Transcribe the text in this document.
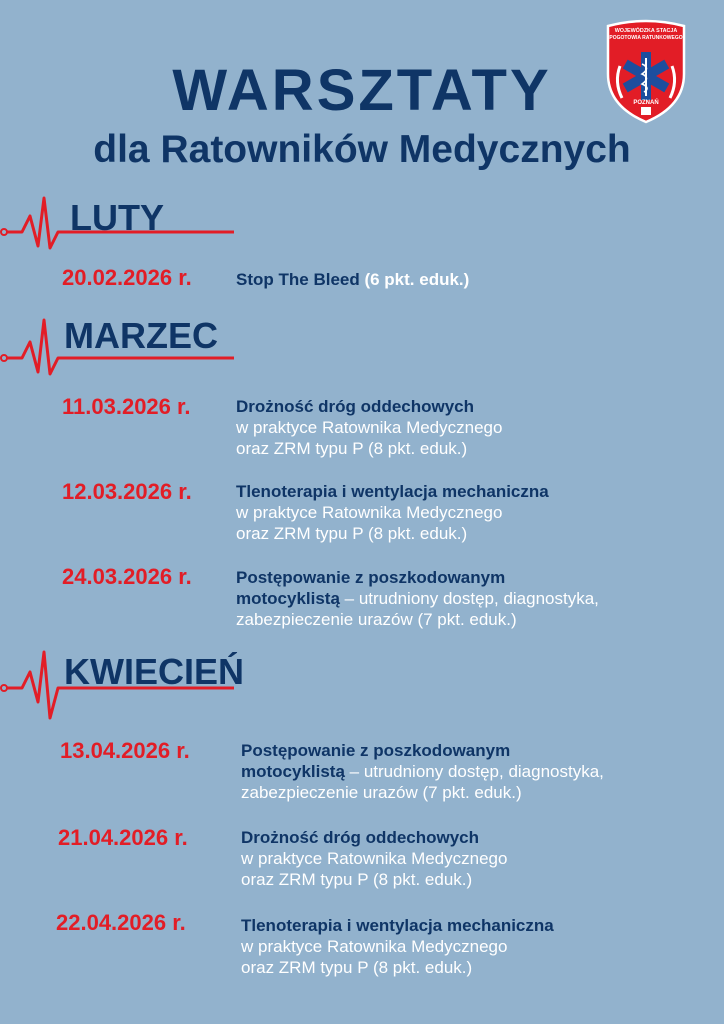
WARSZTATY
dla Ratowników Medycznych
WOJEWÓDZKA STACJA
POGOTOWIA RATUNKOWEGO
POZNAŃ
LUTY
20.02.2026 r.	Stop The Bleed (6 pkt. eduk.)
MARZEC
11.03.2026 r.	Drożność dróg oddechowych
w praktyce Ratownika Medycznego
oraz ZRM typu P (8 pkt. eduk.)
12.03.2026 r.	Tlenoterapia i wentylacja mechaniczna
w praktyce Ratownika Medycznego
oraz ZRM typu P (8 pkt. eduk.)
24.03.2026 r.	Postępowanie z poszkodowanym
motocyklistą – utrudniony dostęp, diagnostyka,
zabezpieczenie urazów (7 pkt. eduk.)
KWIECIEŃ
13.04.2026 r.	Postępowanie z poszkodowanym
motocyklistą – utrudniony dostęp, diagnostyka,
zabezpieczenie urazów (7 pkt. eduk.)
21.04.2026 r.	Drożność dróg oddechowych
w praktyce Ratownika Medycznego
oraz ZRM typu P (8 pkt. eduk.)
22.04.2026 r.	Tlenoterapia i wentylacja mechaniczna
w praktyce Ratownika Medycznego
oraz ZRM typu P (8 pkt. eduk.)
